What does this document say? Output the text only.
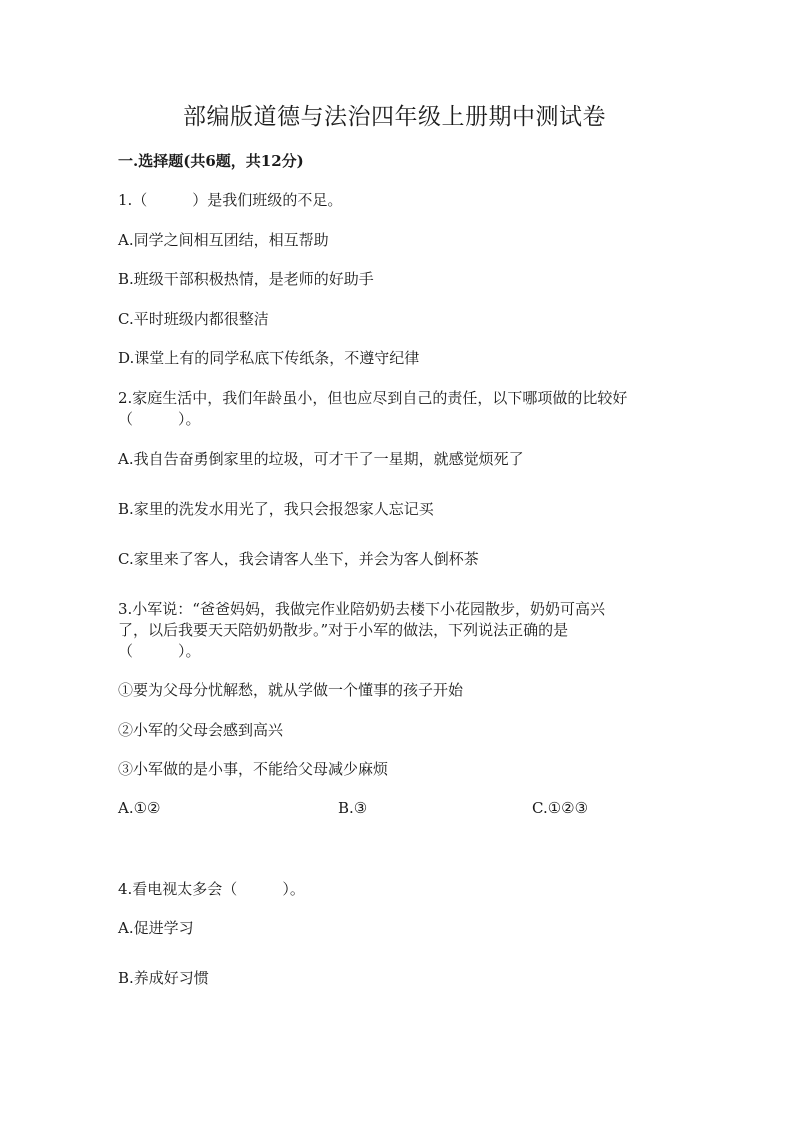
部编版道德与法治四年级上册期中测试卷
一.选择题(共6题，共12分)
1.（　　　）是我们班级的不足。
A.同学之间相互团结，相互帮助
B.班级干部积极热情，是老师的好助手
C.平时班级内都很整洁
D.课堂上有的同学私底下传纸条，不遵守纪律
2.家庭生活中，我们年龄虽小，但也应尽到自己的责任，以下哪项做的比较好
（　　　）。
A.我自告奋勇倒家里的垃圾，可才干了一星期，就感觉烦死了
B.家里的洗发水用光了，我只会报怨家人忘记买
C.家里来了客人，我会请客人坐下，并会为客人倒杯茶
3.小军说：“爸爸妈妈，我做完作业陪奶奶去楼下小花园散步，奶奶可高兴
了，以后我要天天陪奶奶散步。”对于小军的做法，下列说法正确的是
（　　　）。
①要为父母分忧解愁，就从学做一个懂事的孩子开始
②小军的父母会感到高兴
③小军做的是小事，不能给父母减少麻烦
A.①②	B.③	C.①②③
4.看电视太多会（　　　）。
A.促进学习
B.养成好习惯
